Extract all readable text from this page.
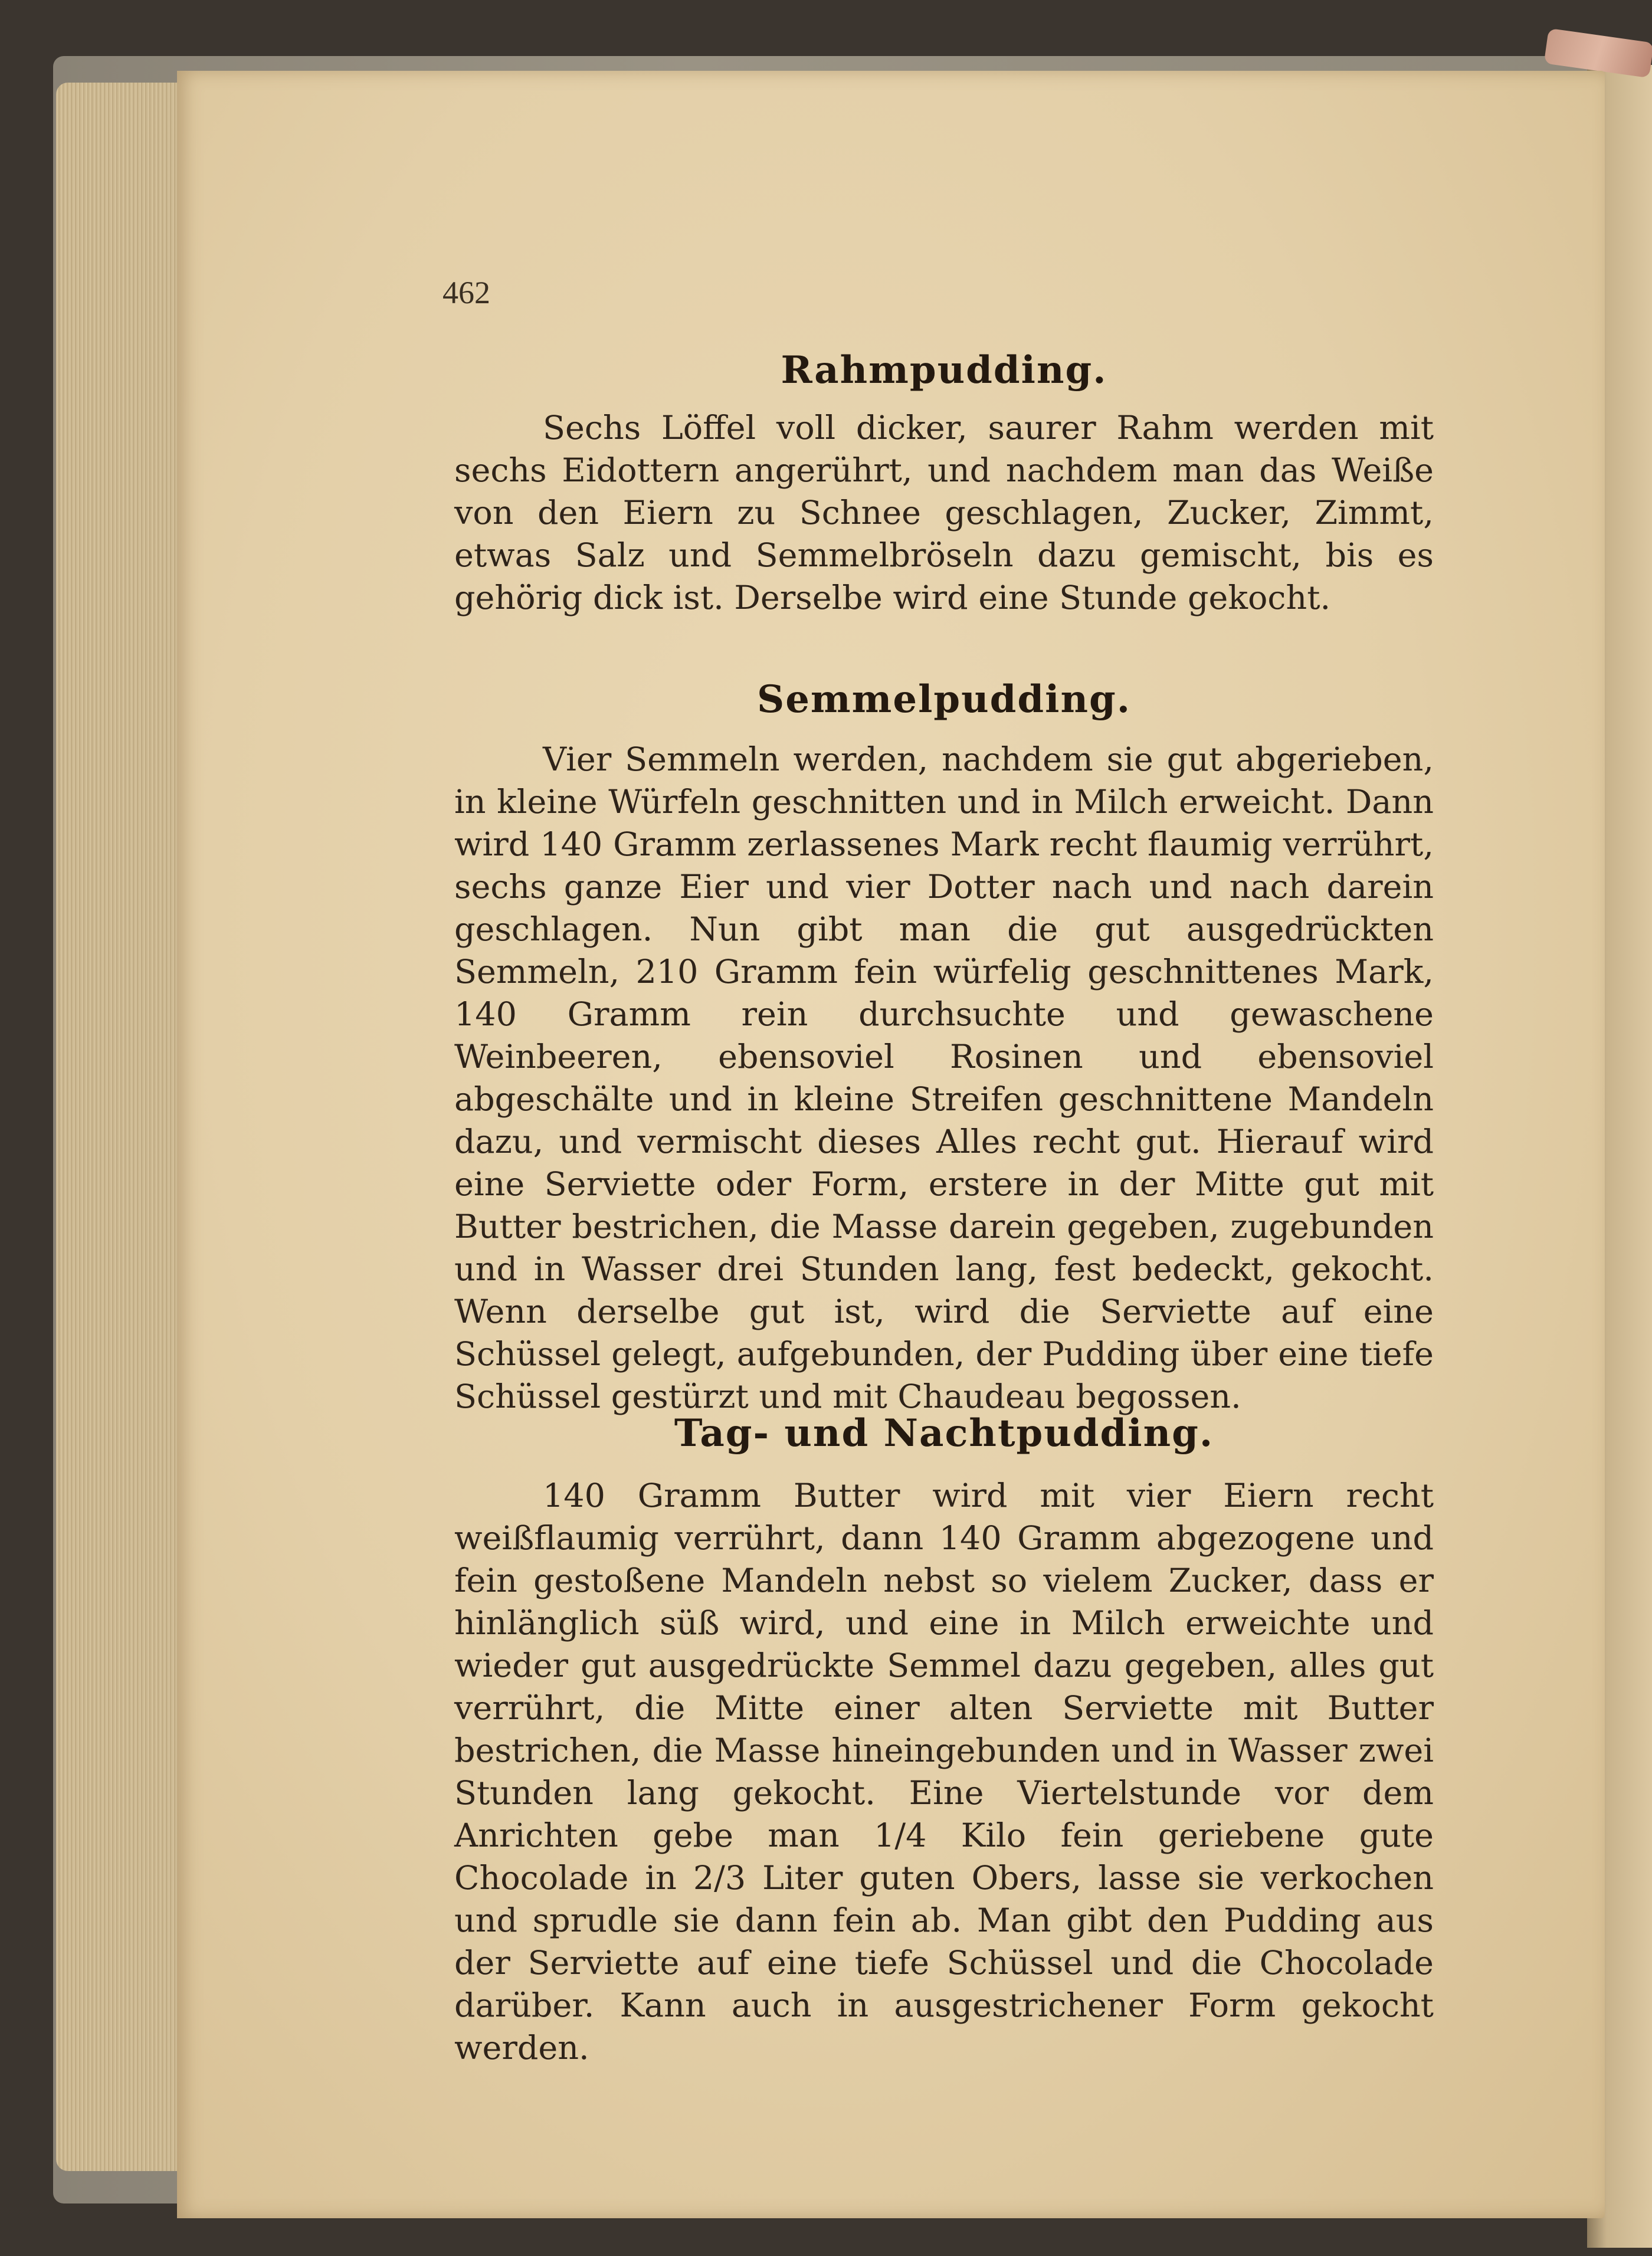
462
Rahmpudding.

Sechs Löffel voll dicker, saurer Rahm werden mit sechs Eidottern angerührt, und nachdem man das Weiße von den Eiern zu Schnee geschlagen, Zucker, Zimmt, etwas Salz und Semmelbröseln dazu gemischt, bis es gehörig dick ist. Derselbe wird eine Stunde gekocht.

Semmelpudding.

Vier Semmeln werden, nachdem sie gut abgerieben, in kleine Würfeln geschnitten und in Milch erweicht. Dann wird 140 Gramm zerlassenes Mark recht flaumig verrührt, sechs ganze Eier und vier Dotter nach und nach darein geschlagen. Nun gibt man die gut ausgedrückten Semmeln, 210 Gramm fein würfelig geschnittenes Mark, 140 Gramm rein durchsuchte und gewaschene Weinbeeren, ebensoviel Rosinen und ebensoviel abgeschälte und in kleine Streifen geschnittene Mandeln dazu, und vermischt dieses Alles recht gut. Hierauf wird eine Serviette oder Form, erstere in der Mitte gut mit Butter bestrichen, die Masse darein gegeben, zugebunden und in Wasser drei Stunden lang, fest bedeckt, gekocht. Wenn derselbe gut ist, wird die Serviette auf eine Schüssel gelegt, aufgebunden, der Pudding über eine tiefe Schüssel gestürzt und mit Chaudeau begossen.

Tag- und Nachtpudding.

140 Gramm Butter wird mit vier Eiern recht weißflaumig verrührt, dann 140 Gramm abgezogene und fein gestoßene Mandeln nebst so vielem Zucker, dass er hinlänglich süß wird, und eine in Milch erweichte und wieder gut ausgedrückte Semmel dazu gegeben, alles gut verrührt, die Mitte einer alten Serviette mit Butter bestrichen, die Masse hineingebunden und in Wasser zwei Stunden lang gekocht. Eine Viertelstunde vor dem Anrichten gebe man 1/4 Kilo fein geriebene gute Chocolade in 2/3 Liter guten Obers, lasse sie verkochen und sprudle sie dann fein ab. Man gibt den Pudding aus der Serviette auf eine tiefe Schüssel und die Chocolade darüber. Kann auch in ausgestrichener Form gekocht werden.
